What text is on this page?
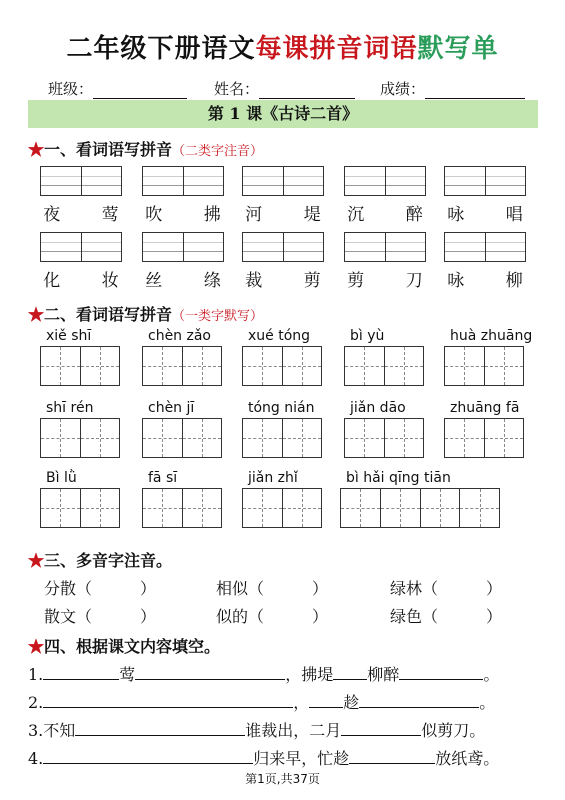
二年级下册语文每课拼音词语默写单
班级：	姓名：	成绩：
第 1 课《古诗二首》
★一、看词语写拼音（二类字注音）
夜 莺 吹 拂 河 堤 沉 醉 咏 唱
化 妆 丝 绦 裁 剪 剪 刀 咏 柳
★二、看词语写拼音（一类字默写）
xiě shī	chèn zǎo	xué tóng	bì yù	huà zhuāng
shī rén	chèn jī	tóng nián	jiǎn dāo	zhuāng fā
Bì lǜ	fā sī	jiǎn zhǐ	bì hǎi qīng tiān
★三、多音字注音。
分散（　　　）	相似（　　　）	绿林（　　　）
散文（　　　）	似的（　　　）	绿色（　　　）
★四、根据课文内容填空。
1.	莺	，拂堤 柳醉	。
2.	， 趁	。
3.不知	谁裁出，二月	似剪刀。
4.	归来早，忙趁	放纸鸢。
第1页,共37页
